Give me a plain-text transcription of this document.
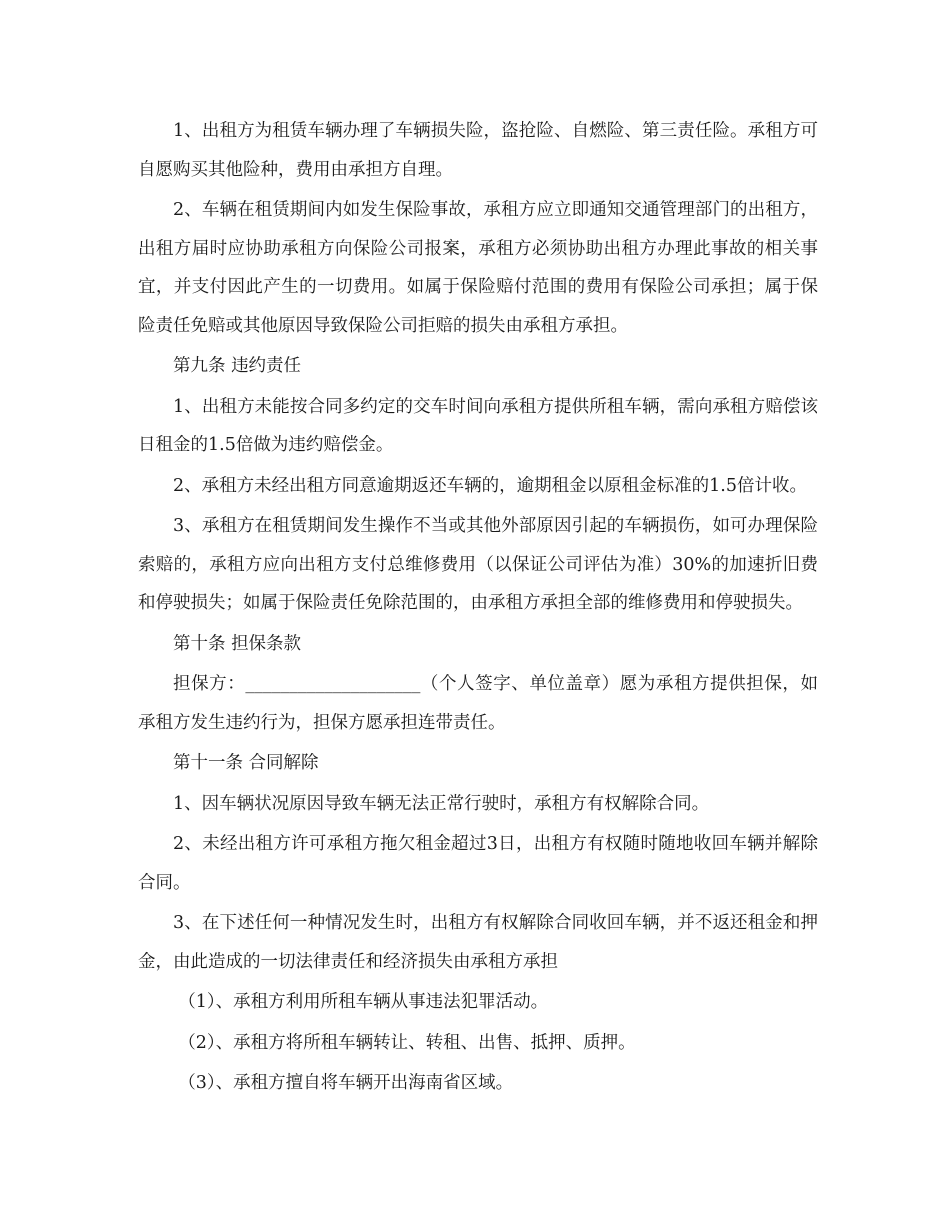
1、出租方为租赁车辆办理了车辆损失险，盗抢险、自燃险、第三责任险。承租方可自愿购买其他险种，费用由承担方自理。

2、车辆在租赁期间内如发生保险事故，承租方应立即通知交通管理部门的出租方，出租方届时应协助承租方向保险公司报案，承租方必须协助出租方办理此事故的相关事宜，并支付因此产生的一切费用。如属于保险赔付范围的费用有保险公司承担；属于保险责任免赔或其他原因导致保险公司拒赔的损失由承租方承担。

第九条 违约责任

1、出租方未能按合同多约定的交车时间向承租方提供所租车辆，需向承租方赔偿该日租金的1.5倍做为违约赔偿金。

2、承租方未经出租方同意逾期返还车辆的，逾期租金以原租金标准的1.5倍计收。

3、承租方在租赁期间发生操作不当或其他外部原因引起的车辆损伤，如可办理保险索赔的，承租方应向出租方支付总维修费用（以保证公司评估为准）30%的加速折旧费和停驶损失；如属于保险责任免除范围的，由承租方承担全部的维修费用和停驶损失。

第十条 担保条款

担保方：____________________（个人签字、单位盖章）愿为承租方提供担保，如承租方发生违约行为，担保方愿承担连带责任。

第十一条 合同解除

1、因车辆状况原因导致车辆无法正常行驶时，承租方有权解除合同。

2、未经出租方许可承租方拖欠租金超过3日，出租方有权随时随地收回车辆并解除合同。

3、在下述任何一种情况发生时，出租方有权解除合同收回车辆，并不返还租金和押金，由此造成的一切法律责任和经济损失由承租方承担

（1）、承租方利用所租车辆从事违法犯罪活动。

（2）、承租方将所租车辆转让、转租、出售、抵押、质押。

（3）、承租方擅自将车辆开出海南省区域。
